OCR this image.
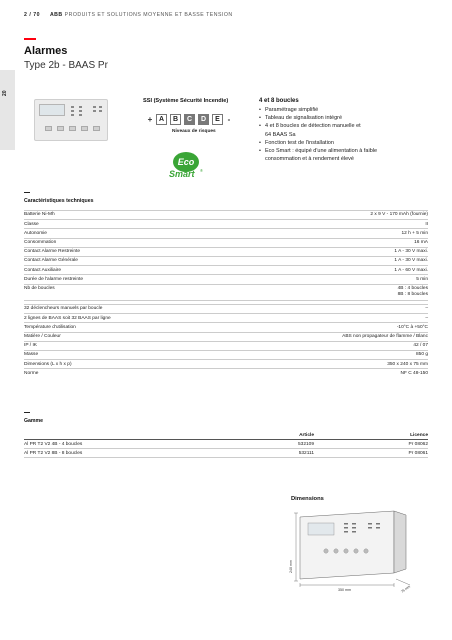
2 / 70 ABB PRODUITS ET SOLUTIONS MOYENNE ET BASSE TENSION
Alarmes
Type 2b - BAAS Pr
20
SSI (Système Sécurité Incendie)
+ A	B	C	D	E -
Niveaux de risques
Eco
Smart ®
4 et 8 boucles
• Paramétrage simplifié
• Tableau de signalisation intégré
• 4 et 8 boucles de détection manuelle et
64 BAAS Sa
• Fonction test de l'installation
• Eco Smart : équipé d'une alimentation à faible
consommation et à rendement élevé
Caractéristiques techniques
Batterie Ni-Mh	2 x 9 V - 170 mAh (fournie)
Classe	II
Autonomie	12 h + 5 min
Consommation	16 mA
Contact Alarme Restreinte	1 A - 30 V maxi.
Contact Alarme Générale	1 A - 30 V maxi.
Contact Auxiliaire	1 A - 60 V maxi.
Durée de l'alarme restreinte	5 min
Nb de boucles	4B : 4 boucles
8B : 8 boucles
32 déclencheurs manuels par boucle	–
2 lignes de BAAS soit 32 BAAS par ligne	–
Température d'utilisation	-10°C à +50°C
Matière / Couleur	ABS non propagateur de flamme / Blanc
IP / IK	42 / 07
Masse	850 g
Dimensions (L x h x p)	350 x 240 x 75 mm
Norme	NF C 48-150
Gamme
Article	Licence
Al PR T2 V2 4B - 4 boucles	532109	Pr 08062
Al PR T2 V2 8B - 8 boucles	532111	Pr 08061
Dimensions
240 mm
350 mm	75 mm
